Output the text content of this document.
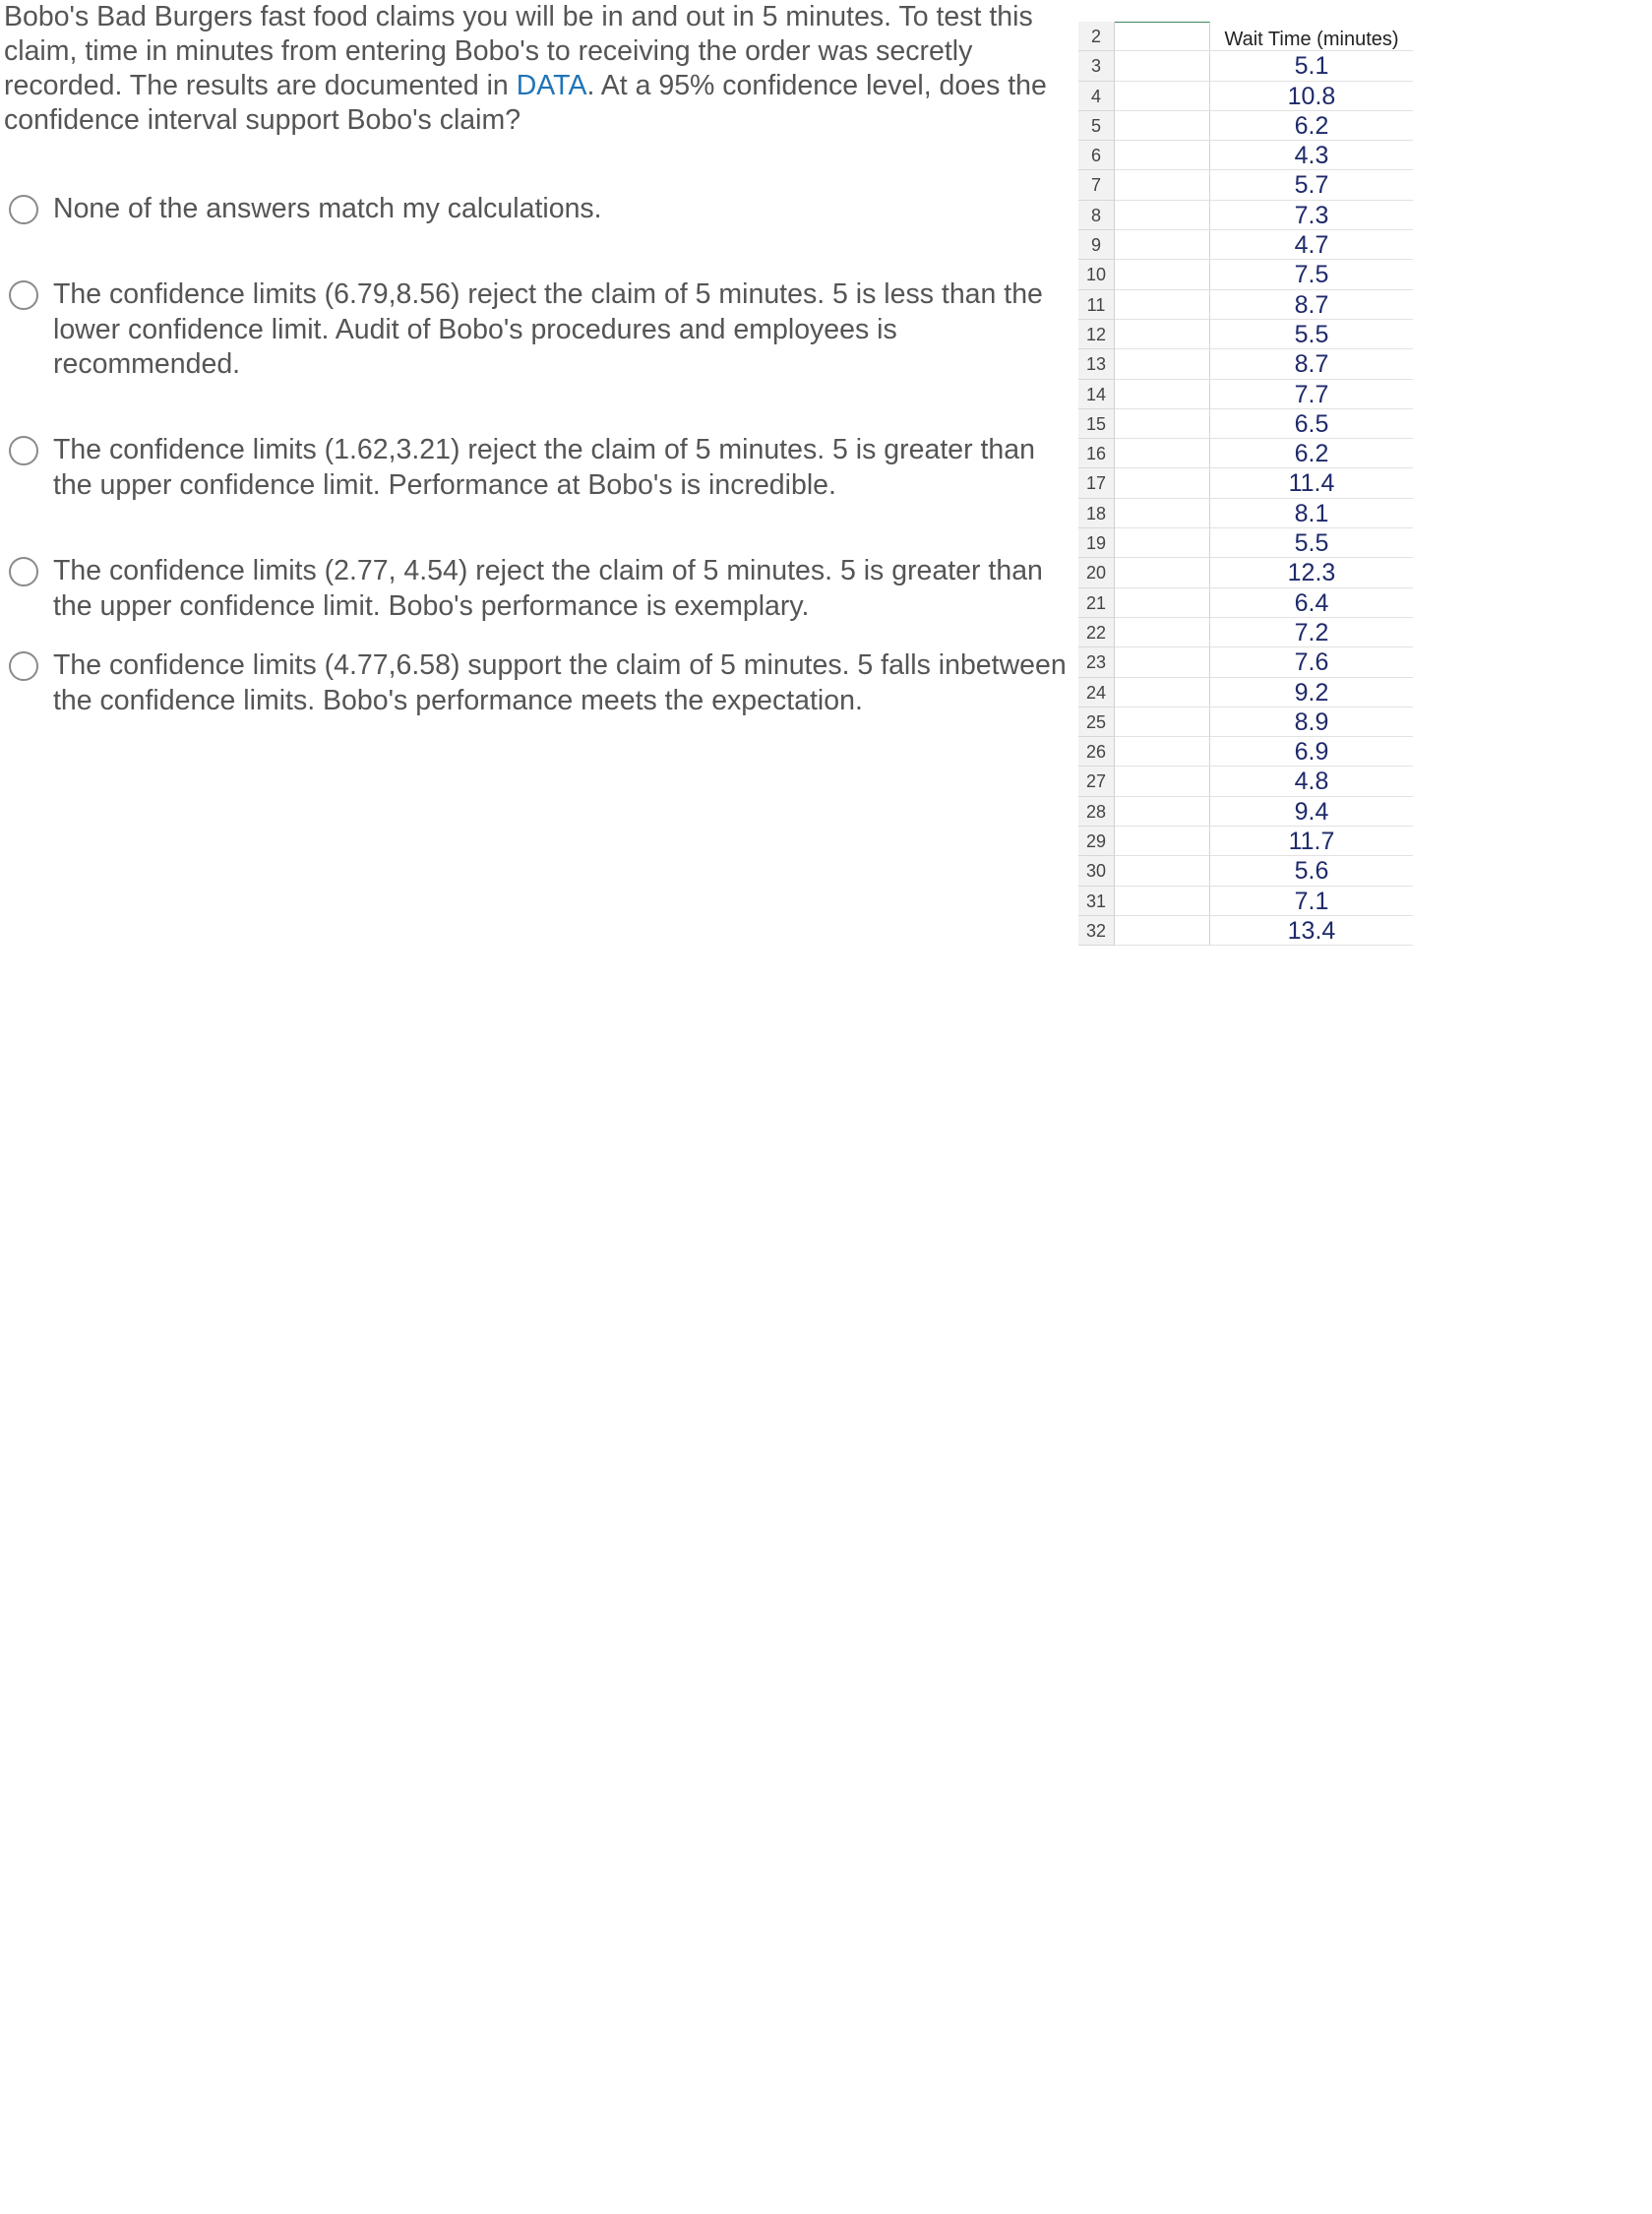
Bobo's Bad Burgers fast food claims you will be in and out in 5 minutes. To test this claim, time in minutes from entering Bobo's to receiving the order was secretly recorded. The results are documented in DATA. At a 95% confidence level, does the confidence interval support Bobo's claim?
None of the answers match my calculations.
The confidence limits (6.79,8.56) reject the claim of 5 minutes. 5 is less than the lower confidence limit. Audit of Bobo's procedures and employees is recommended.
The confidence limits (1.62,3.21) reject the claim of 5 minutes. 5 is greater than the upper confidence limit. Performance at Bobo's is incredible.
The confidence limits (2.77, 4.54) reject the claim of 5 minutes. 5 is greater than the upper confidence limit. Bobo's performance is exemplary.
The confidence limits (4.77,6.58) support the claim of 5 minutes. 5 falls inbetween the confidence limits. Bobo's performance meets the expectation.
2	Wait Time (minutes)
3	5.1
4	10.8
5	6.2
6	4.3
7	5.7
8	7.3
9	4.7
10	7.5
11	8.7
12	5.5
13	8.7
14	7.7
15	6.5
16	6.2
17	11.4
18	8.1
19	5.5
20	12.3
21	6.4
22	7.2
23	7.6
24	9.2
25	8.9
26	6.9
27	4.8
28	9.4
29	11.7
30	5.6
31	7.1
32	13.4
